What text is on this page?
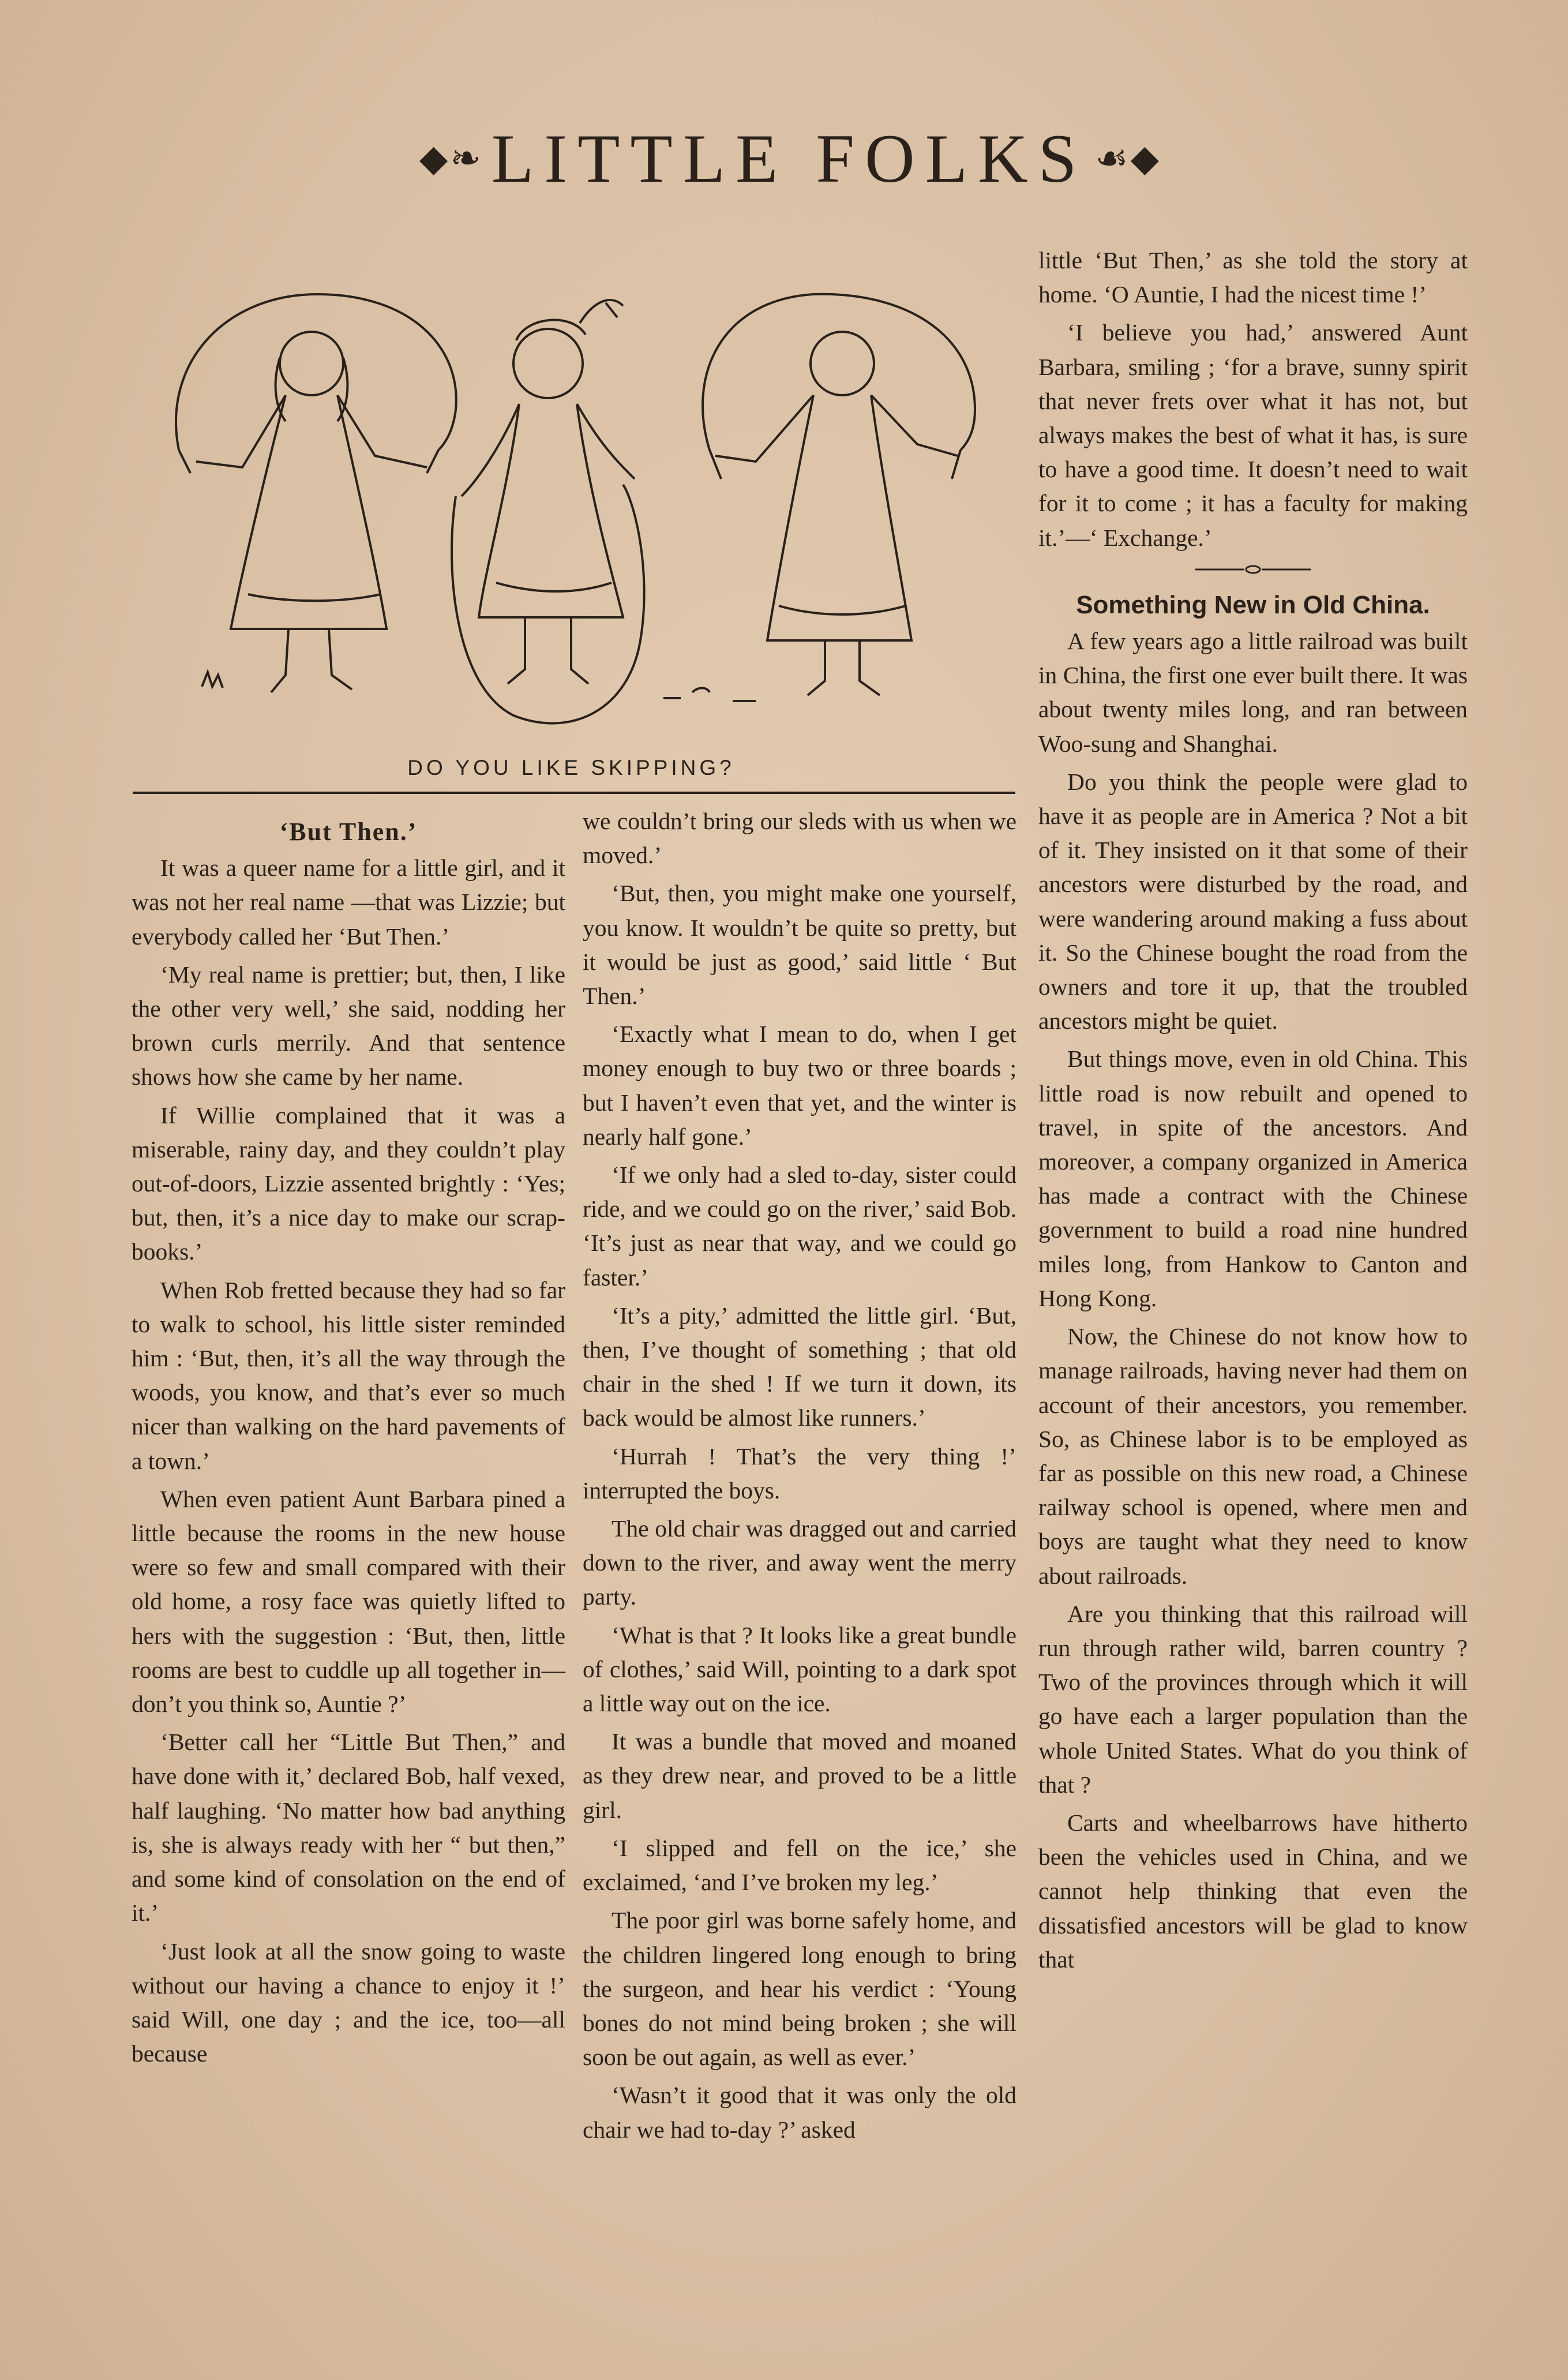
◆❧ LITTLE FOLKS ☙◆
DO YOU LIKE SKIPPING?
‘But Then.’

It was a queer name for a little girl, and it was not her real name —that was Lizzie; but everybody called her ‘But Then.’

‘My real name is prettier; but, then, I like the other very well,’ she said, nodding her brown curls merrily. And that sentence shows how she came by her name.

If Willie complained that it was a miserable, rainy day, and they couldn’t play out-of-doors, Lizzie assented brightly : ‘Yes; but, then, it’s a nice day to make our scrap-books.’

When Rob fretted because they had so far to walk to school, his little sister reminded him : ‘But, then, it’s all the way through the woods, you know, and that’s ever so much nicer than walking on the hard pavements of a town.’

When even patient Aunt Barbara pined a little because the rooms in the new house were so few and small compared with their old home, a rosy face was quietly lifted to hers with the suggestion : ‘But, then, little rooms are best to cuddle up all together in—don’t you think so, Auntie ?’

‘Better call her “Little But Then,” and have done with it,’ declared Bob, half vexed, half laughing. ‘No matter how bad anything is, she is always ready with her “ but then,” and some kind of consolation on the end of it.’

‘Just look at all the snow going to waste without our having a chance to enjoy it !’ said Will, one day ; and the ice, too—all because

we couldn’t bring our sleds with us when we moved.’

‘But, then, you might make one yourself, you know. It wouldn’t be quite so pretty, but it would be just as good,’ said little ‘ But Then.’

‘Exactly what I mean to do, when I get money enough to buy two or three boards ; but I haven’t even that yet, and the winter is nearly half gone.’

‘If we only had a sled to-day, sister could ride, and we could go on the river,’ said Bob. ‘It’s just as near that way, and we could go faster.’

‘It’s a pity,’ admitted the little girl. ‘But, then, I’ve thought of something ; that old chair in the shed ! If we turn it down, its back would be almost like runners.’

‘Hurrah ! That’s the very thing !’ interrupted the boys.

The old chair was dragged out and carried down to the river, and away went the merry party.

‘What is that ? It looks like a great bundle of clothes,’ said Will, pointing to a dark spot a little way out on the ice.

It was a bundle that moved and moaned as they drew near, and proved to be a little girl.

‘I slipped and fell on the ice,’ she exclaimed, ‘and I’ve broken my leg.’

The poor girl was borne safely home, and the children lingered long enough to bring the surgeon, and hear his verdict : ‘Young bones do not mind being broken ; she will soon be out again, as well as ever.’

‘Wasn’t it good that it was only the old chair we had to-day ?’ asked

little ‘But Then,’ as she told the story at home. ‘O Auntie, I had the nicest time !’

‘I believe you had,’ answered Aunt Barbara, smiling ; ‘for a brave, sunny spirit that never frets over what it has not, but always makes the best of what it has, is sure to have a good time. It doesn’t need to wait for it to come ; it has a faculty for making it.’—‘ Exchange.’

Something New in Old China.

A few years ago a little railroad was built in China, the first one ever built there. It was about twenty miles long, and ran between Woo-sung and Shanghai.

Do you think the people were glad to have it as people are in America ? Not a bit of it. They insisted on it that some of their ancestors were disturbed by the road, and were wandering around making a fuss about it. So the Chinese bought the road from the owners and tore it up, that the troubled ancestors might be quiet.

But things move, even in old China. This little road is now rebuilt and opened to travel, in spite of the ancestors. And moreover, a company organized in America has made a contract with the Chinese government to build a road nine hundred miles long, from Hankow to Canton and Hong Kong.

Now, the Chinese do not know how to manage railroads, having never had them on account of their ancestors, you remember. So, as Chinese labor is to be employed as far as possible on this new road, a Chinese railway school is opened, where men and boys are taught what they need to know about railroads.

Are you thinking that this railroad will run through rather wild, barren country ? Two of the provinces through which it will go have each a larger population than the whole United States. What do you think of that ?

Carts and wheelbarrows have hitherto been the vehicles used in China, and we cannot help thinking that even the dissatisfied ancestors will be glad to know that
